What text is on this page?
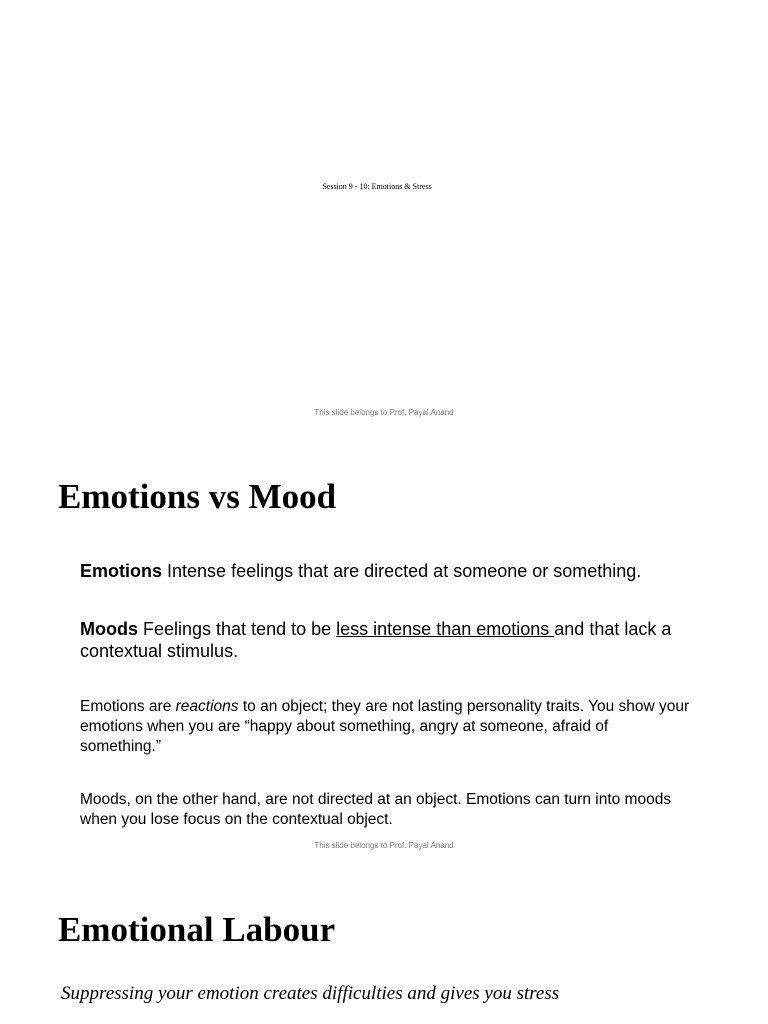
Session 9 - 10: Emotions & Stress
This slide belongs to Prof. Payal Anand
Emotions vs Mood
Emotions Intense feelings that are directed at someone or something.
Moods Feelings that tend to be less intense than emotions and that lack a contextual stimulus.
Emotions are reactions to an object; they are not lasting personality traits. You show your emotions when you are “happy about something, angry at someone, afraid of something.”
Moods, on the other hand, are not directed at an object. Emotions can turn into moods when you lose focus on the contextual object.
This slide belongs to Prof. Payal Anand
Emotional Labour
Suppressing your emotion creates difficulties and gives you stress
